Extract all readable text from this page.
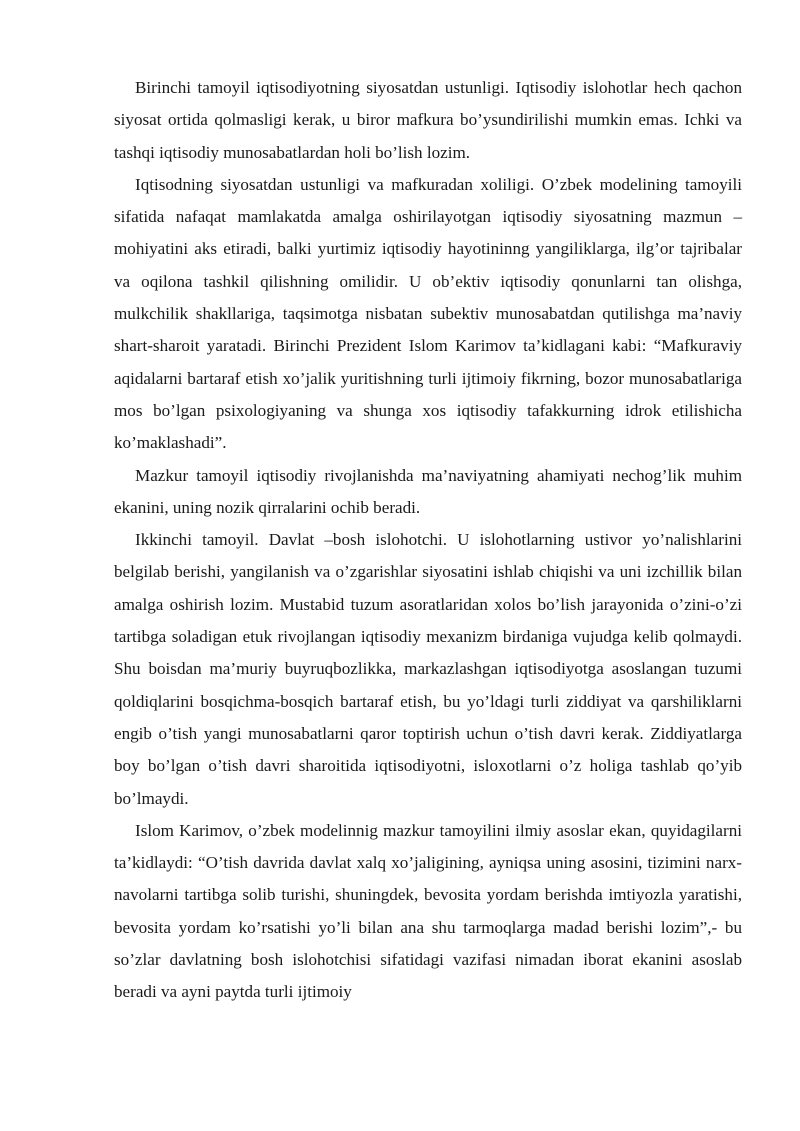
Birinchi tamoyil iqtisodiyotning siyosatdan ustunligi. Iqtisodiy islohotlar hech qachon siyosat ortida qolmasligi kerak, u biror mafkura bo’ysundirilishi mumkin emas. Ichki va tashqi iqtisodiy munosabatlardan holi bo’lish lozim.

Iqtisodning siyosatdan ustunligi va mafkuradan xoliligi. O’zbek modelining tamoyili sifatida nafaqat mamlakatda amalga oshirilayotgan iqtisodiy siyosatning mazmun – mohiyatini aks etiradi, balki yurtimiz iqtisodiy hayotininng yangiliklarga, ilg’or tajribalar va oqilona tashkil qilishning omilidir. U ob’ektiv iqtisodiy qonunlarni tan olishga, mulkchilik shakllariga, taqsimotga nisbatan subektiv munosabatdan qutilishga ma’naviy shart-sharoit yaratadi. Birinchi Prezident Islom Karimov ta’kidlagani kabi: “Mafkuraviy aqidalarni bartaraf etish xo’jalik yuritishning turli ijtimoiy fikrning, bozor munosabatlariga mos bo’lgan psixologiyaning va shunga xos iqtisodiy tafakkurning idrok etilishicha ko’maklashadi”.

Mazkur tamoyil iqtisodiy rivojlanishda ma’naviyatning ahamiyati nechog’lik muhim ekanini, uning nozik qirralarini ochib beradi.

Ikkinchi tamoyil. Davlat –bosh islohotchi. U islohotlarning ustivor yo’nalishlarini belgilab berishi, yangilanish va o’zgarishlar siyosatini ishlab chiqishi va uni izchillik bilan amalga oshirish lozim. Mustabid tuzum asoratlaridan xolos bo’lish jarayonida o’zini-o’zi tartibga soladigan etuk rivojlangan iqtisodiy mexanizm birdaniga vujudga kelib qolmaydi. Shu boisdan ma’muriy buyruqbozlikka, markazlashgan iqtisodiyotga asoslangan tuzumi qoldiqlarini bosqichma-bosqich bartaraf etish, bu yo’ldagi turli ziddiyat va qarshiliklarni engib o’tish yangi munosabatlarni qaror toptirish uchun o’tish davri kerak. Ziddiyatlarga boy bo’lgan o’tish davri sharoitida iqtisodiyotni, isloxotlarni o’z holiga tashlab qo’yib bo’lmaydi.

Islom Karimov, o’zbek modelinnig mazkur tamoyilini ilmiy asoslar ekan, quyidagilarni ta’kidlaydi: “O’tish davrida davlat xalq xo’jaligining, ayniqsa uning asosini, tizimini narx-navolarni tartibga solib turishi, shuningdek, bevosita yordam berishda imtiyozla yaratishi, bevosita yordam ko’rsatishi yo’li bilan ana shu tarmoqlarga madad berishi lozim”,- bu so’zlar davlatning bosh islohotchisi sifatidagi vazifasi nimadan iborat ekanini asoslab beradi va ayni paytda turli ijtimoiy
